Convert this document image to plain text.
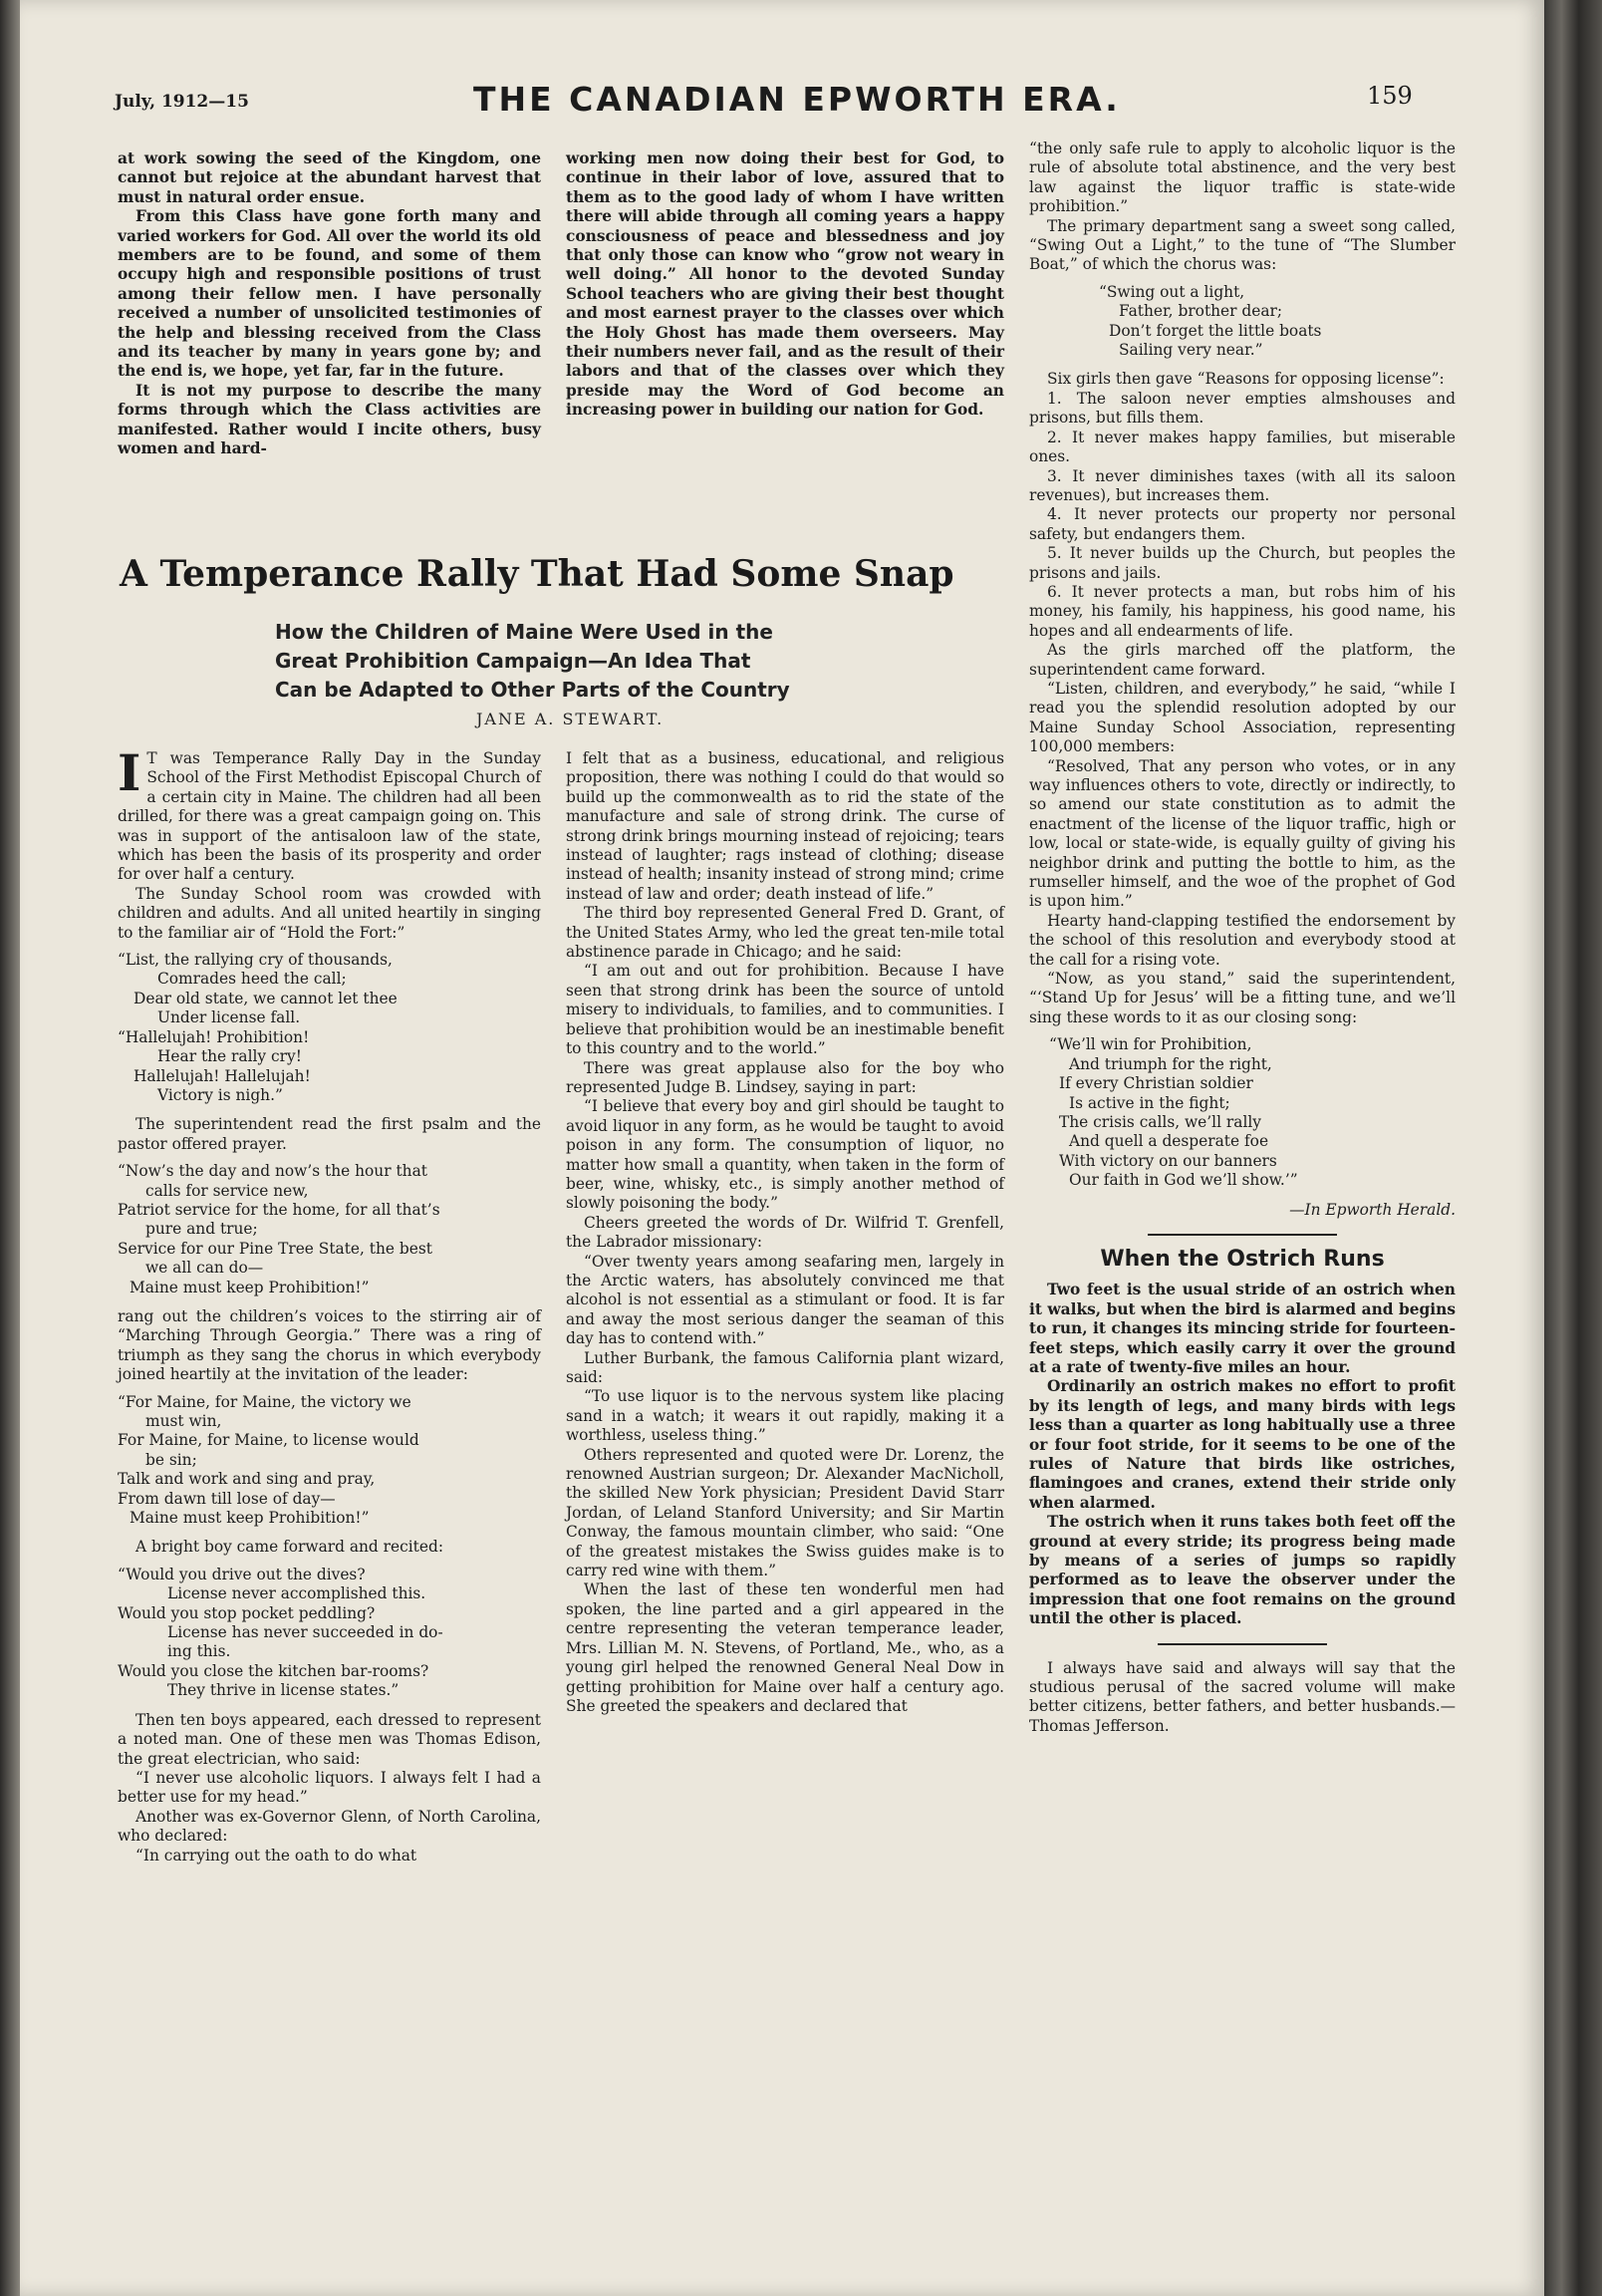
July, 1912—15	THE CANADIAN EPWORTH ERA.	159

at work sowing the seed of the Kingdom, one cannot but rejoice at the abundant harvest that must in natural order ensue.

From this Class have gone forth many and varied workers for God. All over the world its old members are to be found, and some of them occupy high and responsible positions of trust among their fellow men. I have personally received a number of unsolicited testimonies of the help and blessing received from the Class and its teacher by many in years gone by; and the end is, we hope, yet far, far in the future.

It is not my purpose to describe the many forms through which the Class activities are manifested. Rather would I incite others, busy women and hard-

working men now doing their best for God, to continue in their labor of love, assured that to them as to the good lady of whom I have written there will abide through all coming years a happy consciousness of peace and blessedness and joy that only those can know who “grow not weary in well doing.” All honor to the devoted Sunday School teachers who are giving their best thought and most earnest prayer to the classes over which the Holy Ghost has made them overseers. May their numbers never fail, and as the result of their labors and that of the classes over which they preside may the Word of God become an increasing power in building our nation for God.

A Temperance Rally That Had Some Snap
How the Children of Maine Were Used in the
Great Prohibition Campaign—An Idea That
Can be Adapted to Other Parts of the Country
JANE A. STEWART.

I T was Temperance Rally Day in the Sunday School of the First Methodist Episcopal Church of a certain city in Maine. The children had all been drilled, for there was a great campaign going on. This was in support of the antisaloon law of the state, which has been the basis of its prosperity and order for over half a century.

The Sunday School room was crowded with children and adults. And all united heartily in singing to the familiar air of “Hold the Fort:”

“List, the rallying cry of thousands,
Comrades heed the call;
Dear old state, we cannot let thee
Under license fall.
“Hallelujah! Prohibition!
Hear the rally cry!
Hallelujah! Hallelujah!
Victory is nigh.”

The superintendent read the first psalm and the pastor offered prayer.

“Now’s the day and now’s the hour that
calls for service new,
Patriot service for the home, for all that’s
pure and true;
Service for our Pine Tree State, the best
we all can do—
Maine must keep Prohibition!”

rang out the children’s voices to the stirring air of “Marching Through Georgia.” There was a ring of triumph as they sang the chorus in which everybody joined heartily at the invitation of the leader:

“For Maine, for Maine, the victory we
must win,
For Maine, for Maine, to license would
be sin;
Talk and work and sing and pray,
From dawn till lose of day—
Maine must keep Prohibition!”

A bright boy came forward and recited:

“Would you drive out the dives?
License never accomplished this.
Would you stop pocket peddling?
License has never succeeded in do-
ing this.
Would you close the kitchen bar-rooms?
They thrive in license states.”

Then ten boys appeared, each dressed to represent a noted man. One of these men was Thomas Edison, the great electrician, who said:

“I never use alcoholic liquors. I always felt I had a better use for my head.”

Another was ex-Governor Glenn, of North Carolina, who declared:

“In carrying out the oath to do what

I felt that as a business, educational, and religious proposition, there was nothing I could do that would so build up the commonwealth as to rid the state of the manufacture and sale of strong drink. The curse of strong drink brings mourning instead of rejoicing; tears instead of laughter; rags instead of clothing; disease instead of health; insanity instead of strong mind; crime instead of law and order; death instead of life.”

The third boy represented General Fred D. Grant, of the United States Army, who led the great ten-mile total abstinence parade in Chicago; and he said:

“I am out and out for prohibition. Because I have seen that strong drink has been the source of untold misery to individuals, to families, and to communities. I believe that prohibition would be an inestimable benefit to this country and to the world.”

There was great applause also for the boy who represented Judge B. Lindsey, saying in part:

“I believe that every boy and girl should be taught to avoid liquor in any form, as he would be taught to avoid poison in any form. The consumption of liquor, no matter how small a quantity, when taken in the form of beer, wine, whisky, etc., is simply another method of slowly poisoning the body.”

Cheers greeted the words of Dr. Wilfrid T. Grenfell, the Labrador missionary:

“Over twenty years among seafaring men, largely in the Arctic waters, has absolutely convinced me that alcohol is not essential as a stimulant or food. It is far and away the most serious danger the seaman of this day has to contend with.”

Luther Burbank, the famous California plant wizard, said:

“To use liquor is to the nervous system like placing sand in a watch; it wears it out rapidly, making it a worthless, useless thing.”

Others represented and quoted were Dr. Lorenz, the renowned Austrian surgeon; Dr. Alexander MacNicholl, the skilled New York physician; President David Starr Jordan, of Leland Stanford University; and Sir Martin Conway, the famous mountain climber, who said: “One of the greatest mistakes the Swiss guides make is to carry red wine with them.”

When the last of these ten wonderful men had spoken, the line parted and a girl appeared in the centre representing the veteran temperance leader, Mrs. Lillian M. N. Stevens, of Portland, Me., who, as a young girl helped the renowned General Neal Dow in getting prohibition for Maine over half a century ago. She greeted the speakers and declared that

“the only safe rule to apply to alcoholic liquor is the rule of absolute total abstinence, and the very best law against the liquor traffic is state-wide prohibition.”

The primary department sang a sweet song called, “Swing Out a Light,” to the tune of “The Slumber Boat,” of which the chorus was:

“Swing out a light,
Father, brother dear;
Don’t forget the little boats
Sailing very near.”

Six girls then gave “Reasons for opposing license”:

1. The saloon never empties almshouses and prisons, but fills them.

2. It never makes happy families, but miserable ones.

3. It never diminishes taxes (with all its saloon revenues), but increases them.

4. It never protects our property nor personal safety, but endangers them.

5. It never builds up the Church, but peoples the prisons and jails.

6. It never protects a man, but robs him of his money, his family, his happiness, his good name, his hopes and all endearments of life.

As the girls marched off the platform, the superintendent came forward.

“Listen, children, and everybody,” he said, “while I read you the splendid resolution adopted by our Maine Sunday School Association, representing 100,000 members:

“Resolved, That any person who votes, or in any way influences others to vote, directly or indirectly, to so amend our state constitution as to admit the enactment of the license of the liquor traffic, high or low, local or state-wide, is equally guilty of giving his neighbor drink and putting the bottle to him, as the rumseller himself, and the woe of the prophet of God is upon him.”

Hearty hand-clapping testified the endorsement by the school of this resolution and everybody stood at the call for a rising vote.

“Now, as you stand,” said the superintendent, “‘Stand Up for Jesus’ will be a fitting tune, and we’ll sing these words to it as our closing song:

“We’ll win for Prohibition,
And triumph for the right,
If every Christian soldier
Is active in the fight;
The crisis calls, we’ll rally
And quell a desperate foe
With victory on our banners
Our faith in God we’ll show.’”
—In Epworth Herald.
When the Ostrich Runs

Two feet is the usual stride of an ostrich when it walks, but when the bird is alarmed and begins to run, it changes its mincing stride for fourteen-feet steps, which easily carry it over the ground at a rate of twenty-five miles an hour.

Ordinarily an ostrich makes no effort to profit by its length of legs, and many birds with legs less than a quarter as long habitually use a three or four foot stride, for it seems to be one of the rules of Nature that birds like ostriches, flamingoes and cranes, extend their stride only when alarmed.

The ostrich when it runs takes both feet off the ground at every stride; its progress being made by means of a series of jumps so rapidly performed as to leave the observer under the impression that one foot remains on the ground until the other is placed.

I always have said and always will say that the studious perusal of the sacred volume will make better citizens, better fathers, and better husbands.—Thomas Jefferson.
